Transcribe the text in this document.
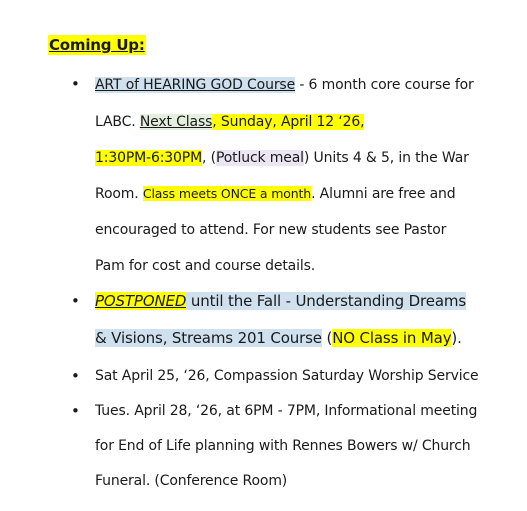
Coming Up:
• ART of HEARING GOD Course - 6 month core course for
LABC. Next Class, Sunday, April 12 ‘26,
1:30PM-6:30PM, (Potluck meal) Units 4 & 5, in the War
Room. Class meets ONCE a month. Alumni are free and
encouraged to attend. For new students see Pastor
Pam for cost and course details.
• POSTPONED until the Fall - Understanding Dreams
& Visions, Streams 201 Course (NO Class in May).
• Sat April 25, ‘26, Compassion Saturday Worship Service
• Tues. April 28, ‘26, at 6PM - 7PM, Informational meeting
for End of Life planning with Rennes Bowers w/ Church
Funeral. (Conference Room)
